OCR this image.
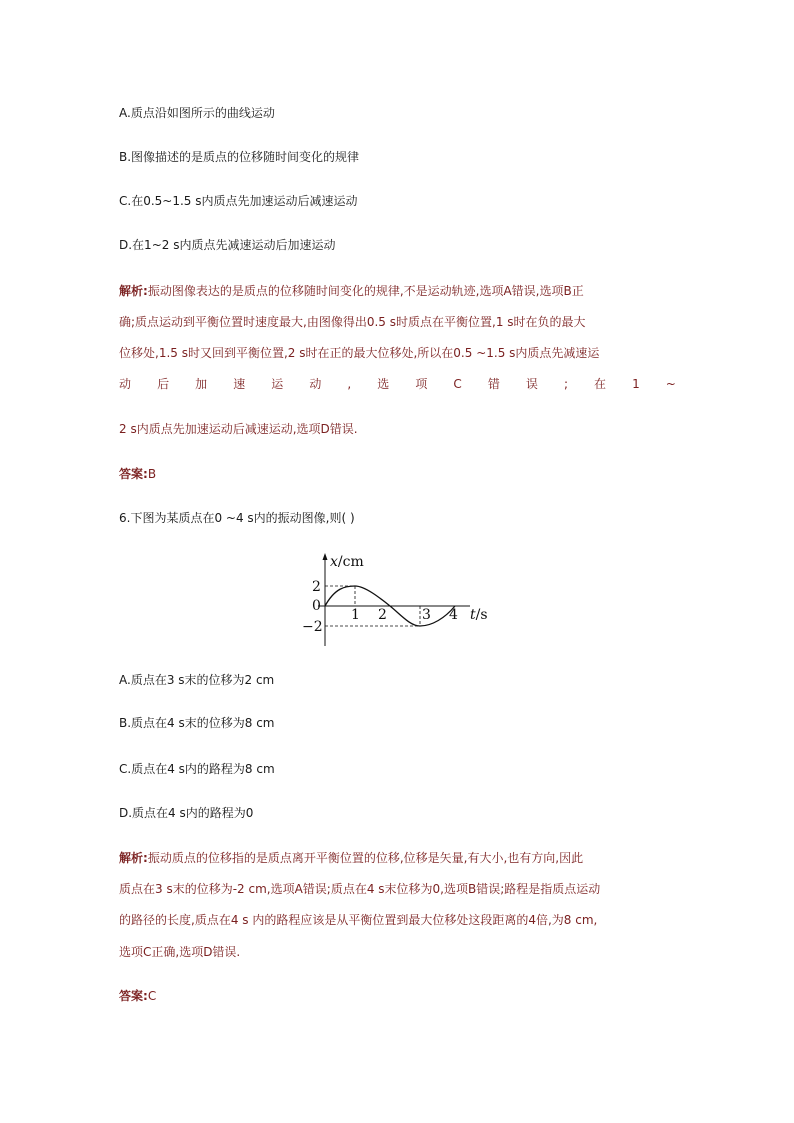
A.质点沿如图所示的曲线运动
B.图像描述的是质点的位移随时间变化的规律
C.在0.5~1.5 s内质点先加速运动后减速运动
D.在1~2 s内质点先减速运动后加速运动
解析:振动图像表达的是质点的位移随时间变化的规律,不是运动轨迹,选项A错误,选项B正
确;质点运动到平衡位置时速度最大,由图像得出0.5 s时质点在平衡位置,1 s时在负的最大
位移处,1.5 s时又回到平衡位置,2 s时在正的最大位移处,所以在0.5 ~1.5 s内质点先减速运
动 后 加 速 运 动 , 选 项 C 错 误 ; 在 1 ~
2 s内质点先加速运动后减速运动,选项D错误.
答案:B
6.下图为某质点在0 ~4 s内的振动图像,则( )
x/cm
t/s
2
0
−2
1 2	3 4
A.质点在3 s末的位移为2 cm
B.质点在4 s末的位移为8 cm
C.质点在4 s内的路程为8 cm
D.质点在4 s内的路程为0
解析:振动质点的位移指的是质点离开平衡位置的位移,位移是矢量,有大小,也有方向,因此
质点在3 s末的位移为-2 cm,选项A错误;质点在4 s末位移为0,选项B错误;路程是指质点运动
的路径的长度,质点在4 s 内的路程应该是从平衡位置到最大位移处这段距离的4倍,为8 cm,
选项C正确,选项D错误.
答案:C
